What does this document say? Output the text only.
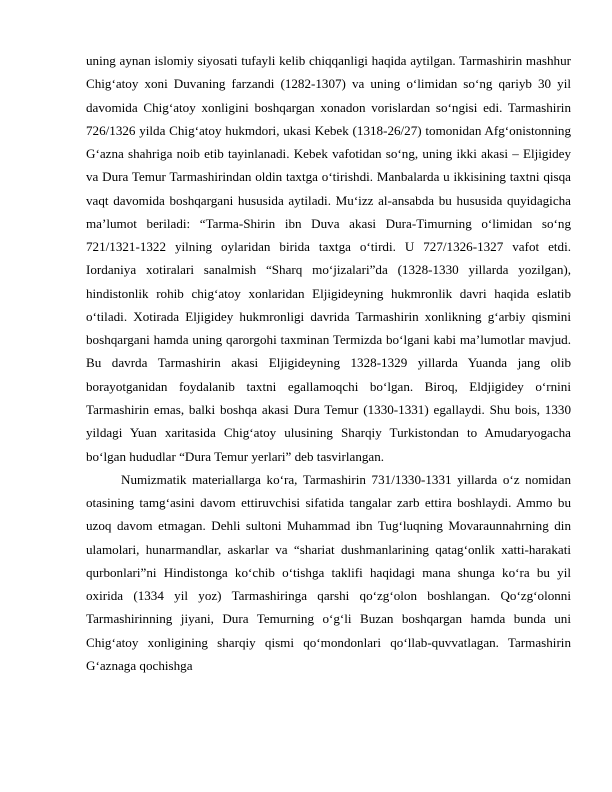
uning aynan islomiy siyosati tufayli kelib chiqqanligi haqida aytilgan. Tarmashirin mashhur Chig‘atoy xoni Duvaning farzandi (1282-1307) va uning o‘limidan so‘ng qariyb 30 yil davomida Chig‘atoy xonligini boshqargan xonadon vorislardan so‘ngisi edi. Tarmashirin 726/1326 yilda Chig‘atoy hukmdori, ukasi Kebek (1318-26/27) tomonidan Afg‘onistonning G‘azna shahriga noib etib tayinlanadi. Kebek vafotidan so‘ng, uning ikki akasi – Eljigidey va Dura Temur Tarmashirindan oldin taxtga o‘tirishdi. Manbalarda u ikkisining taxtni qisqa vaqt davomida boshqargani hususida aytiladi. Mu‘izz al-ansabda bu hususida quyidagicha ma’lumot beriladi: “Tarma-Shirin ibn Duva akasi Dura-Timurning o‘limidan so‘ng 721/1321-1322 yilning oylaridan birida taxtga o‘tirdi. U 727/1326-1327 vafot etdi. Iordaniya xotiralari sanalmish “Sharq mo‘jizalari”da (1328-1330 yillarda yozilgan), hindistonlik rohib chig‘atoy xonlaridan Eljigideyning hukmronlik davri haqida eslatib o‘tiladi. Xotirada Eljigidey hukmronligi davrida Tarmashirin xonlikning g‘arbiy qismini boshqargani hamda uning qarorgohi taxminan Termizda bo‘lgani kabi ma’lumotlar mavjud. Bu davrda Tarmashirin akasi Eljigideyning 1328-1329 yillarda Yuanda jang olib borayotganidan foydalanib taxtni egallamoqchi bo‘lgan. Biroq, Eldjigidey o‘rnini Tarmashirin emas, balki boshqa akasi Dura Temur (1330-1331) egallaydi. Shu bois, 1330 yildagi Yuan xaritasida Chig‘atoy ulusining Sharqiy Turkistondan to Amudaryogacha bo‘lgan hududlar “Dura Temur yerlari” deb tasvirlangan.

Numizmatik materiallarga ko‘ra, Tarmashirin 731/1330-1331 yillarda o‘z nomidan otasining tamg‘asini davom ettiruvchisi sifatida tangalar zarb ettira boshlaydi. Ammo bu uzoq davom etmagan. Dehli sultoni Muhammad ibn Tug‘luqning Movaraunnahrning din ulamolari, hunarmandlar, askarlar va “shariat dushmanlarining qatag‘onlik xatti-harakati qurbonlari”ni Hindistonga ko‘chib o‘tishga taklifi haqidagi mana shunga ko‘ra bu yil oxirida (1334 yil yoz) Tarmashiringa qarshi qo‘zg‘olon boshlangan. Qo‘zg‘olonni Tarmashirinning jiyani, Dura Temurning o‘g‘li Buzan boshqargan hamda bunda uni Chig‘atoy xonligining sharqiy qismi qo‘mondonlari qo‘llab-quvvatlagan. Tarmashirin G‘aznaga qochishga
